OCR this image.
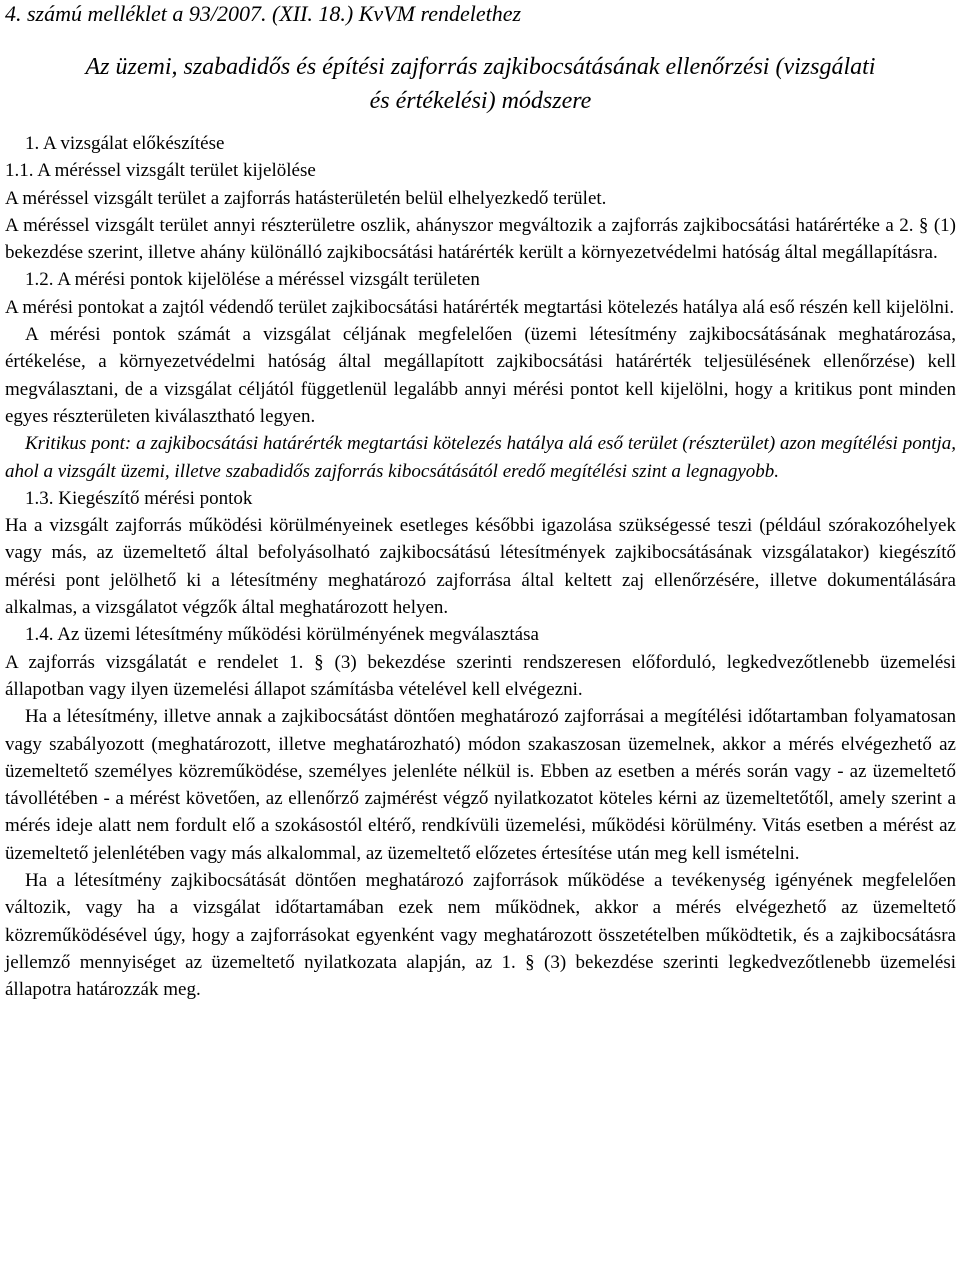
4. számú melléklet a 93/2007. (XII. 18.) KvVM rendelethez

Az üzemi, szabadidős és építési zajforrás zajkibocsátásának ellenőrzési (vizsgálati
és értékelési) módszere

1. A vizsgálat előkészítése

1.1. A méréssel vizsgált terület kijelölése

A méréssel vizsgált terület a zajforrás hatásterületén belül elhelyezkedő terület.

A méréssel vizsgált terület annyi részterületre oszlik, ahányszor megváltozik a zajforrás zajkibocsátási határértéke a 2. § (1) bekezdése szerint, illetve ahány különálló zajkibocsátási határérték került a környezetvédelmi hatóság által megállapításra.

1.2. A mérési pontok kijelölése a méréssel vizsgált területen

A mérési pontokat a zajtól védendő terület zajkibocsátási határérték megtartási kötelezés hatálya alá eső részén kell kijelölni.

A mérési pontok számát a vizsgálat céljának megfelelően (üzemi létesítmény zajkibocsátásának meghatározása, értékelése, a környezetvédelmi hatóság által megállapított zajkibocsátási határérték teljesülésének ellenőrzése) kell megválasztani, de a vizsgálat céljától függetlenül legalább annyi mérési pontot kell kijelölni, hogy a kritikus pont minden egyes részterületen kiválasztható legyen.

Kritikus pont: a zajkibocsátási határérték megtartási kötelezés hatálya alá eső terület (részterület) azon megítélési pontja, ahol a vizsgált üzemi, illetve szabadidős zajforrás kibocsátásától eredő megítélési szint a legnagyobb.

1.3. Kiegészítő mérési pontok

Ha a vizsgált zajforrás működési körülményeinek esetleges későbbi igazolása szükségessé teszi (például szórakozóhelyek vagy más, az üzemeltető által befolyásolható zajkibocsátású létesítmények zajkibocsátásának vizsgálatakor) kiegészítő mérési pont jelölhető ki a létesítmény meghatározó zajforrása által keltett zaj ellenőrzésére, illetve dokumentálására alkalmas, a vizsgálatot végzők által meghatározott helyen.

1.4. Az üzemi létesítmény működési körülményének megválasztása

A zajforrás vizsgálatát e rendelet 1. § (3) bekezdése szerinti rendszeresen előforduló, legkedvezőtlenebb üzemelési állapotban vagy ilyen üzemelési állapot számításba vételével kell elvégezni.

Ha a létesítmény, illetve annak a zajkibocsátást döntően meghatározó zajforrásai a megítélési időtartamban folyamatosan vagy szabályozott (meghatározott, illetve meghatározható) módon szakaszosan üzemelnek, akkor a mérés elvégezhető az üzemeltető személyes közreműködése, személyes jelenléte nélkül is. Ebben az esetben a mérés során vagy - az üzemeltető távollétében - a mérést követően, az ellenőrző zajmérést végző nyilatkozatot köteles kérni az üzemeltetőtől, amely szerint a mérés ideje alatt nem fordult elő a szokásostól eltérő, rendkívüli üzemelési, működési körülmény. Vitás esetben a mérést az üzemeltető jelenlétében vagy más alkalommal, az üzemeltető előzetes értesítése után meg kell ismételni.

Ha a létesítmény zajkibocsátását döntően meghatározó zajforrások működése a tevékenység igényének megfelelően változik, vagy ha a vizsgálat időtartamában ezek nem működnek, akkor a mérés elvégezhető az üzemeltető közreműködésével úgy, hogy a zajforrásokat egyenként vagy meghatározott összetételben működtetik, és a zajkibocsátásra jellemző mennyiséget az üzemeltető nyilatkozata alapján, az 1. § (3) bekezdése szerinti legkedvezőtlenebb üzemelési állapotra határozzák meg.
